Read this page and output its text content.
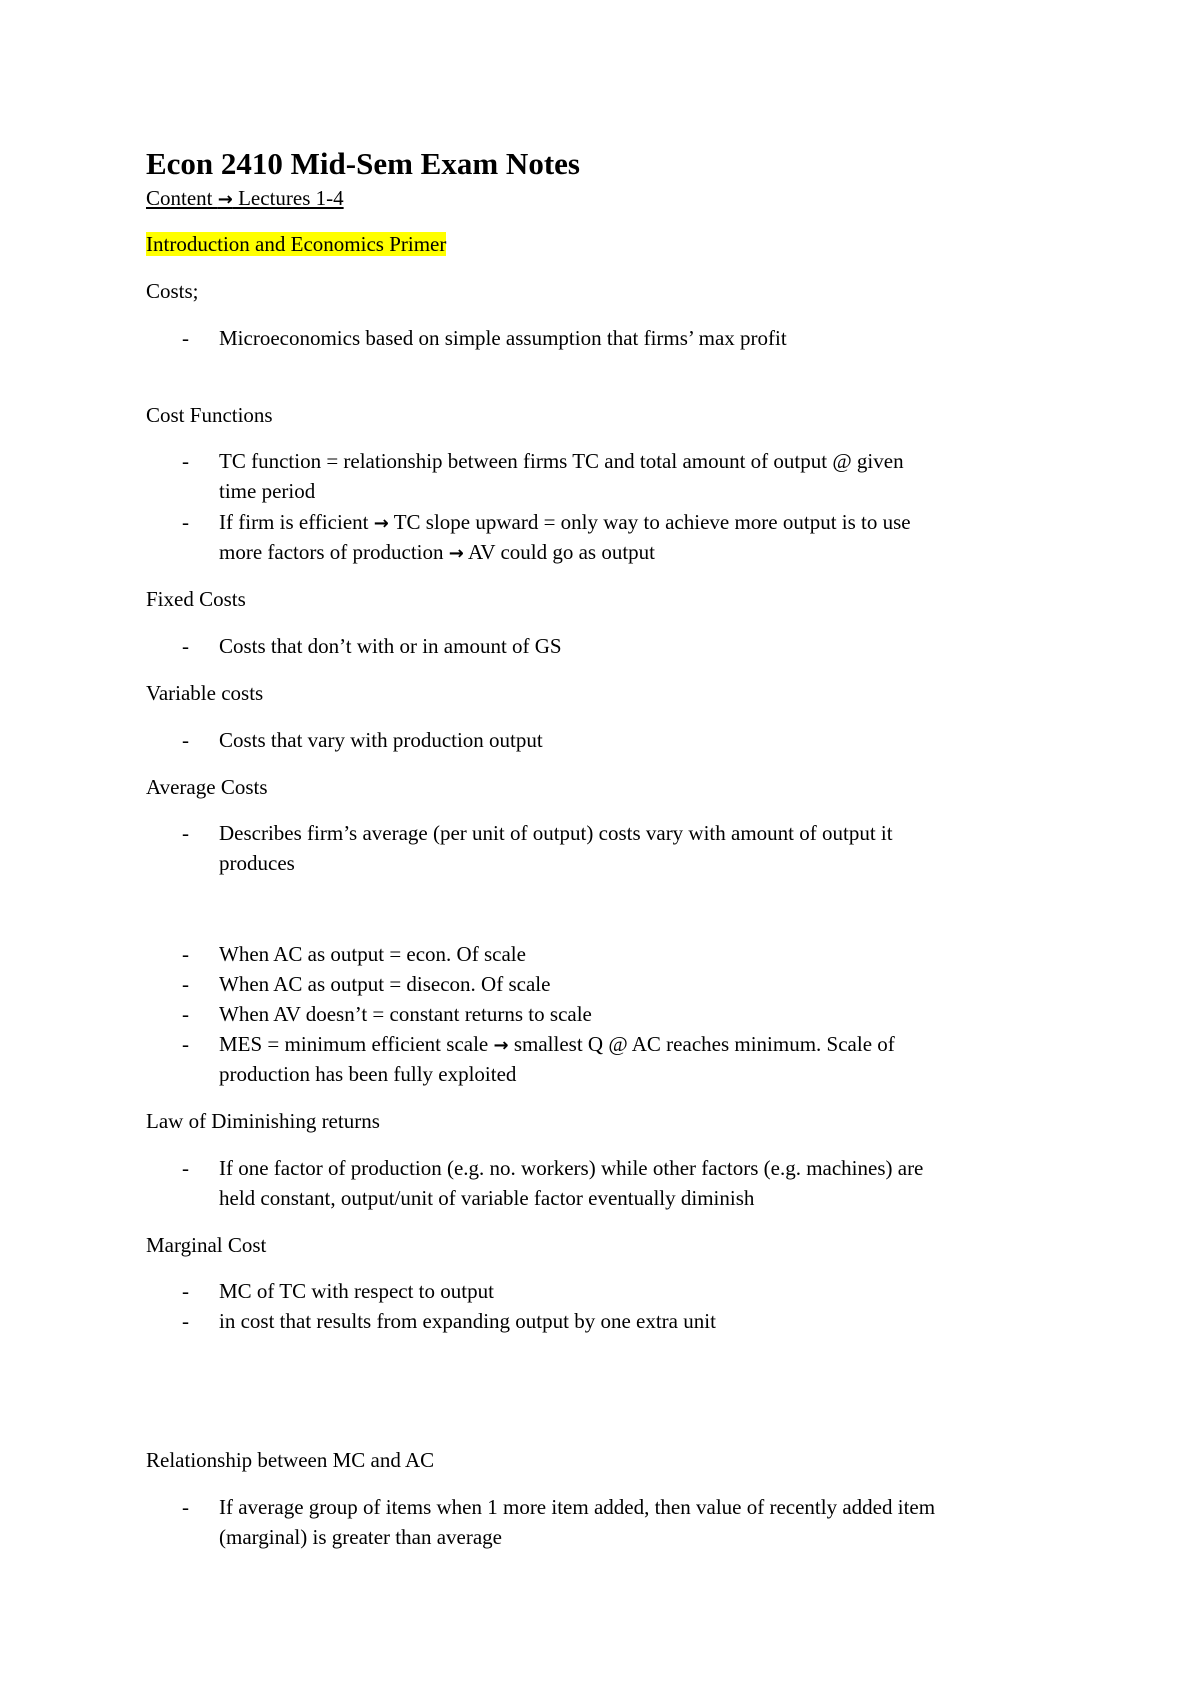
Econ 2410 Mid-Sem Exam Notes
Content → Lectures 1-4
Introduction and Economics Primer
Costs;
-	Microeconomics based on simple assumption that firms’ max profit
Cost Functions
-	TC function = relationship between firms TC and total amount of output @ given
time period
-	If firm is efficient → TC slope upward = only way to achieve more output is to use
more factors of production → AV could go as output
Fixed Costs
-	Costs that don’t with or in amount of GS
Variable costs
-	Costs that vary with production output
Average Costs
-	Describes firm’s average (per unit of output) costs vary with amount of output it
produces
-	When AC as output = econ. Of scale
-	When AC as output = disecon. Of scale
-	When AV doesn’t = constant returns to scale
-	MES = minimum efficient scale → smallest Q @ AC reaches minimum. Scale of
production has been fully exploited
Law of Diminishing returns
-	If one factor of production (e.g. no. workers) while other factors (e.g. machines) are
held constant, output/unit of variable factor eventually diminish
Marginal Cost
-	MC of TC with respect to output
-	in cost that results from expanding output by one extra unit
Relationship between MC and AC
-	If average group of items when 1 more item added, then value of recently added item
(marginal) is greater than average
